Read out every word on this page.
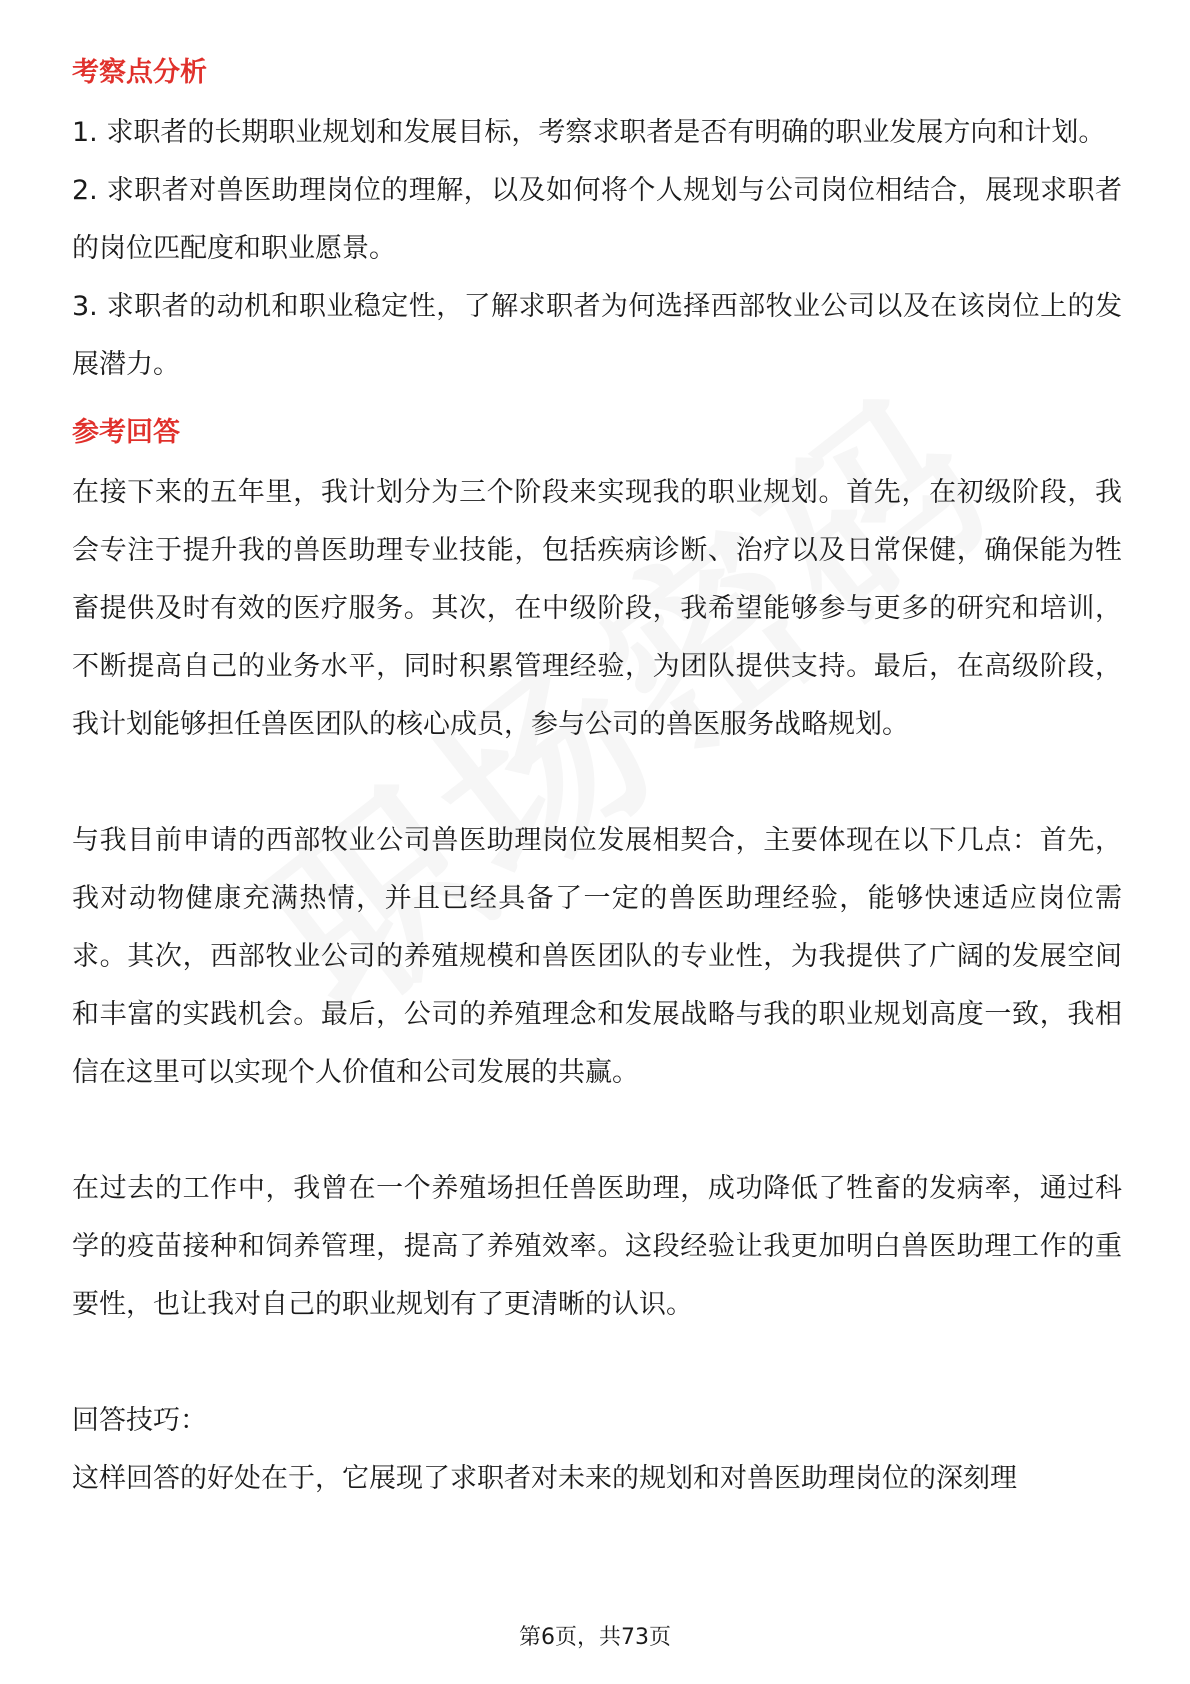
考察点分析

1. 求职者的长期职业规划和发展目标，考察求职者是否有明确的职业发展方向和计划。

2. 求职者对兽医助理岗位的理解，以及如何将个人规划与公司岗位相结合，展现求职者的岗位匹配度和职业愿景。

3. 求职者的动机和职业稳定性，了解求职者为何选择西部牧业公司以及在该岗位上的发展潜力。

参考回答

在接下来的五年里，我计划分为三个阶段来实现我的职业规划。首先，在初级阶段，我会专注于提升我的兽医助理专业技能，包括疾病诊断、治疗以及日常保健，确保能为牲畜提供及时有效的医疗服务。其次，在中级阶段，我希望能够参与更多的研究和培训，不断提高自己的业务水平，同时积累管理经验，为团队提供支持。最后，在高级阶段，我计划能够担任兽医团队的核心成员，参与公司的兽医服务战略规划。

与我目前申请的西部牧业公司兽医助理岗位发展相契合，主要体现在以下几点：首先，我对动物健康充满热情，并且已经具备了一定的兽医助理经验，能够快速适应岗位需求。其次，西部牧业公司的养殖规模和兽医团队的专业性，为我提供了广阔的发展空间和丰富的实践机会。最后，公司的养殖理念和发展战略与我的职业规划高度一致，我相信在这里可以实现个人价值和公司发展的共赢。

在过去的工作中，我曾在一个养殖场担任兽医助理，成功降低了牲畜的发病率，通过科学的疫苗接种和饲养管理，提高了养殖效率。这段经验让我更加明白兽医助理工作的重要性，也让我对自己的职业规划有了更清晰的认识。

回答技巧：

这样回答的好处在于，它展现了求职者对未来的规划和对兽医助理岗位的深刻理

第6页，共73页
